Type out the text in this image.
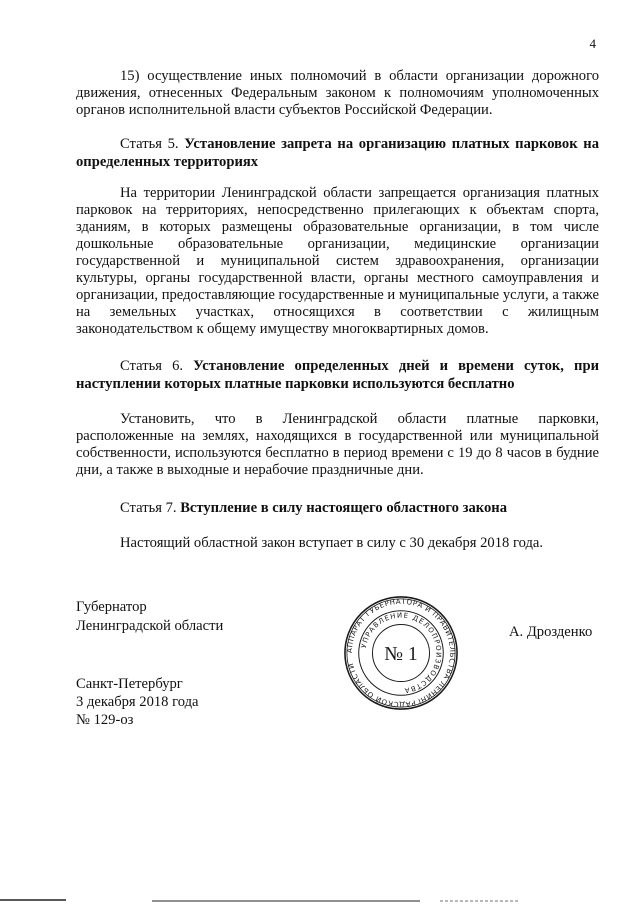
4
15) осуществление иных полномочий в области организации дорожного движения, отнесенных Федеральным законом к полномочиям уполномоченных органов исполнительной власти субъектов Российской Федерации.
Статья 5. Установление запрета на организацию платных парковок на определенных территориях
На территории Ленинградской области запрещается организация платных парковок на территориях, непосредственно прилегающих к объектам спорта, зданиям, в которых размещены образовательные организации, в том числе дошкольные образовательные организации, медицинские организации государственной и муниципальной систем здравоохранения, организации культуры, органы государственной власти, органы местного самоуправления и организации, предоставляющие государственные и муниципальные услуги, а также на земельных участках, относящихся в соответствии с жилищным законодательством к общему имуществу многоквартирных домов.
Статья 6. Установление определенных дней и времени суток, при наступлении которых платные парковки используются бесплатно
Установить, что в Ленинградской области платные парковки, расположенные на землях, находящихся в государственной или муниципальной собственности, используются бесплатно в период времени с 19 до 8 часов в будние дни, а также в выходные и нерабочие праздничные дни.
Статья 7. Вступление в силу настоящего областного закона
Настоящий областной закон вступает в силу с 30 декабря 2018 года.
Губернатор
Ленинградской области
АППАРАТ ГУБЕРНАТОРА И ПРАВИТЕЛЬСТВА ЛЕНИНГРАДСКОЙ ОБЛАСТИ
УПРАВЛЕНИЕ ДЕЛОПРОИЗВОДСТВА
№ 1
А. Дрозденко
Санкт-Петербург
3 декабря 2018 года
№ 129-оз
